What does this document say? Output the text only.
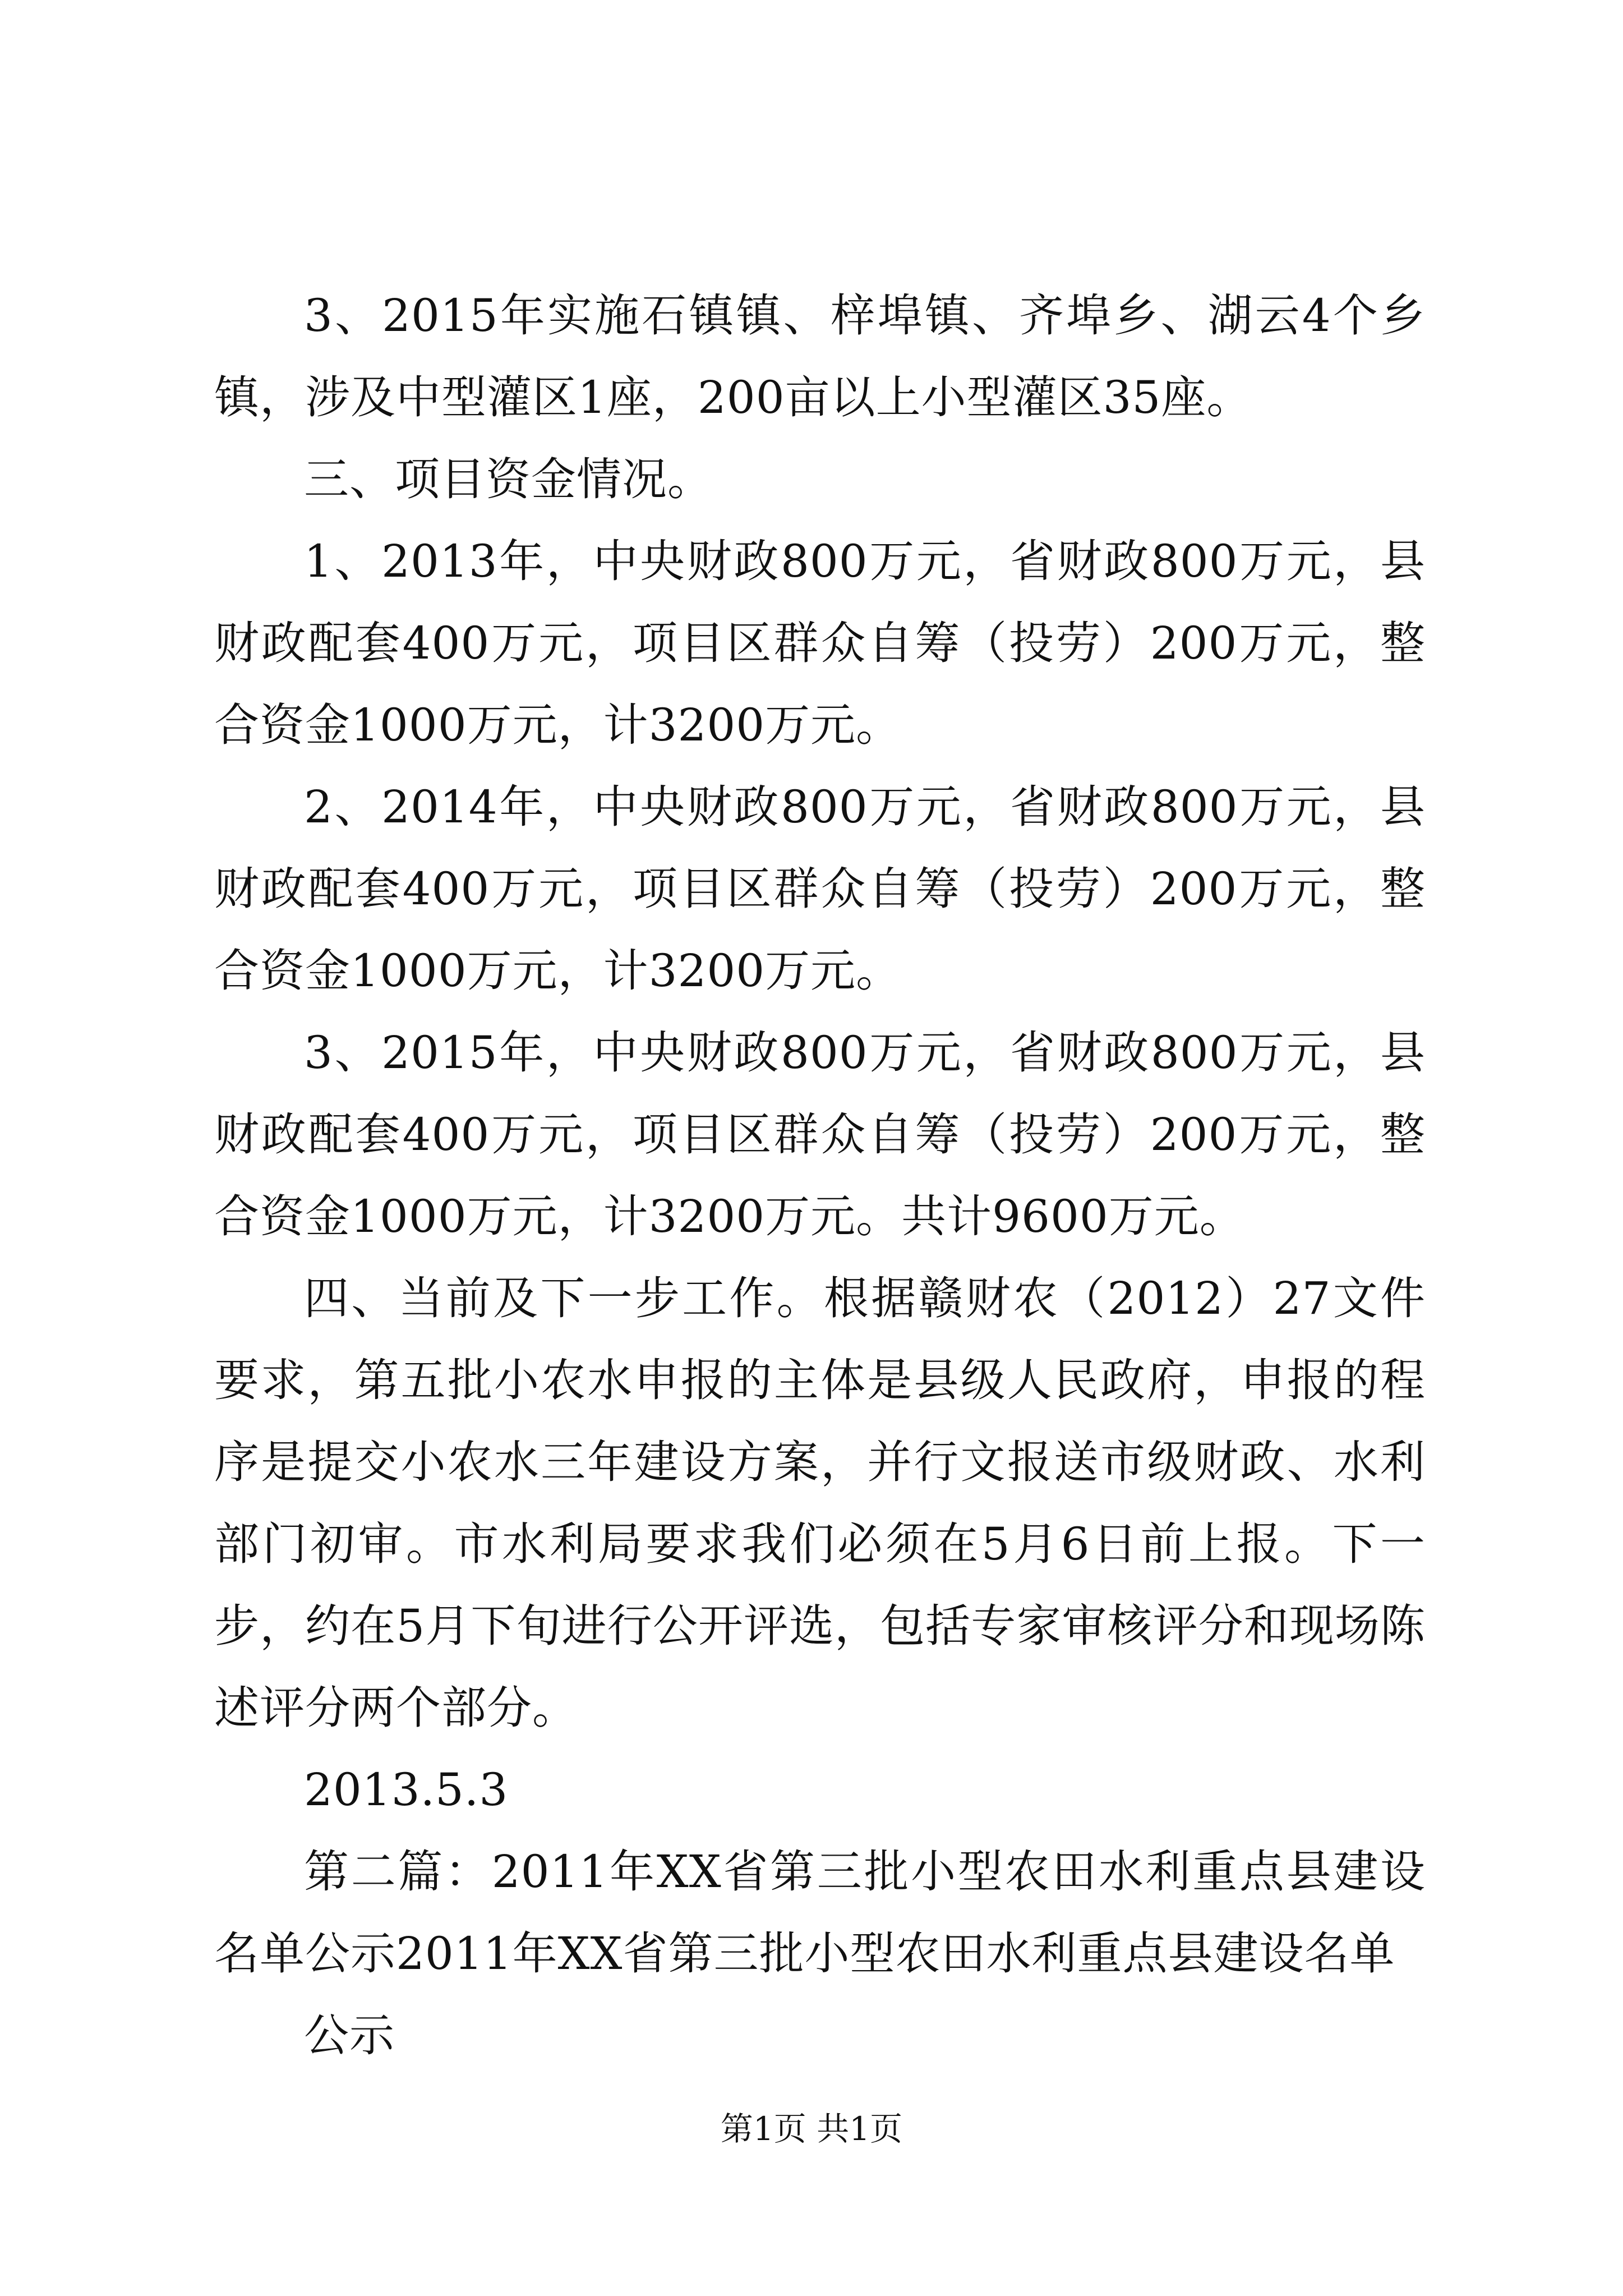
3、2015年实施石镇镇、梓埠镇、齐埠乡、湖云4个乡镇，涉及中型灌区1座，200亩以上小型灌区35座。

三、项目资金情况。

1、2013年，中央财政800万元，省财政800万元，县财政配套400万元，项目区群众自筹（投劳）200万元，整合资金1000万元，计3200万元。

2、2014年，中央财政800万元，省财政800万元，县财政配套400万元，项目区群众自筹（投劳）200万元，整合资金1000万元，计3200万元。

3、2015年，中央财政800万元，省财政800万元，县财政配套400万元，项目区群众自筹（投劳）200万元，整合资金1000万元，计3200万元。共计9600万元。

四、当前及下一步工作。根据赣财农（2012）27文件要求，第五批小农水申报的主体是县级人民政府，申报的程序是提交小农水三年建设方案，并行文报送市级财政、水利部门初审。市水利局要求我们必须在5月6日前上报。下一步，约在5月下旬进行公开评选，包括专家审核评分和现场陈述评分两个部分。

2013.5.3

第二篇：2011年XX省第三批小型农田水利重点县建设名单公示2011年XX省第三批小型农田水利重点县建设名单

公示

第1页 共1页
